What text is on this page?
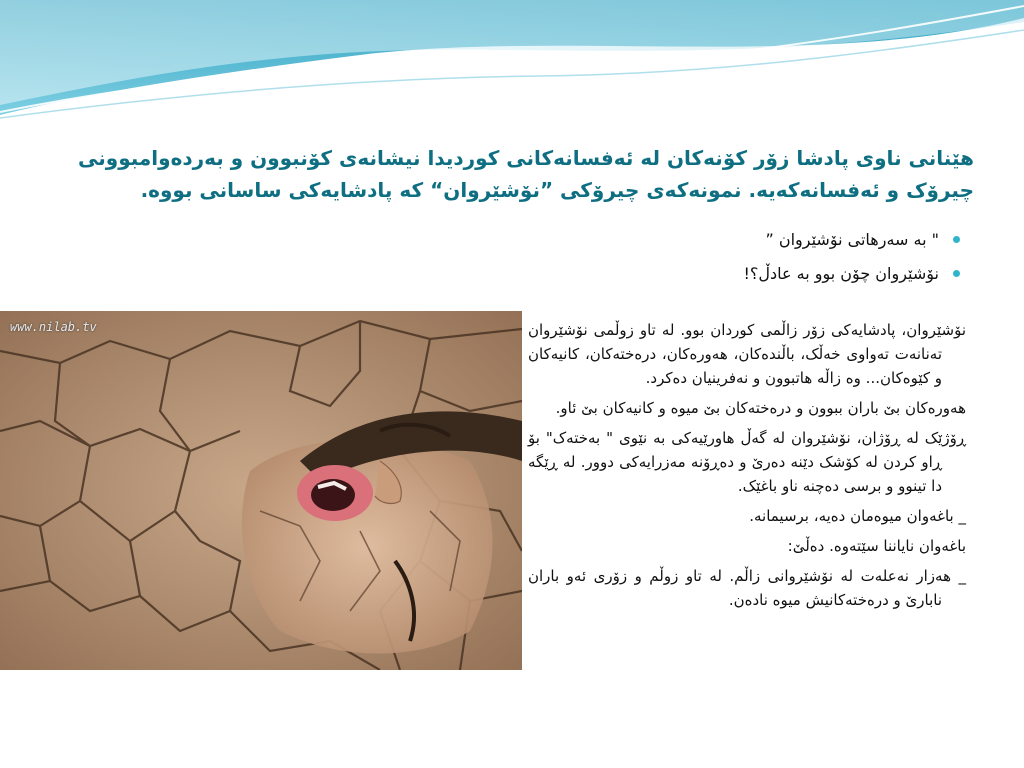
هێنانی ناوی پادشا زۆر کۆنەکان لە ئەفسانەکانی کوردیدا نیشانەی کۆنبوون و بەردەوامبوونی چیرۆک و ئەفسانەکەیە. نمونەکەی چیرۆکی ”نۆشێروان“ کە پادشایەکی ساسانی بووە.
" بە سەرهاتی نۆشێروان ”
نۆشێروان چۆن بوو بە عادڵ؟!
www.nilab.tv	نۆشێروان، پادشایەکی زۆر زاڵمی کوردان بوو. لە تاو زوڵمی نۆشێروان تەنانەت تەواوی خەڵک، باڵندەکان، هەورەکان، درەختەکان، کانیەکان و کێوەکان... وە زاڵە هاتبوون و نەفرینیان دەکرد.

هەورەکان بێ باران ببوون و درەختەکان بێ میوە و کانیەکان بێ ئاو.

ڕۆژێک لە ڕۆژان، نۆشێروان لە گەڵ هاورێیەکی بە نێوی " بەختەک" بۆ ڕاو کردن لە کۆشک دێنە دەرێ و دەڕۆنە مەزرایەکی دوور. لە ڕێگە دا تینوو و برسی دەچنە ناو باغێک.

_ باغەوان میوەمان دەیە، برسیمانە.

باغەوان نایاننا سێتەوە. دەڵێ:

_ هەزار نەعلەت لە نۆشێروانی زاڵم. لە تاو زوڵم و زۆری ئەو باران نابارێ و درەختەکانیش میوە نادەن.
